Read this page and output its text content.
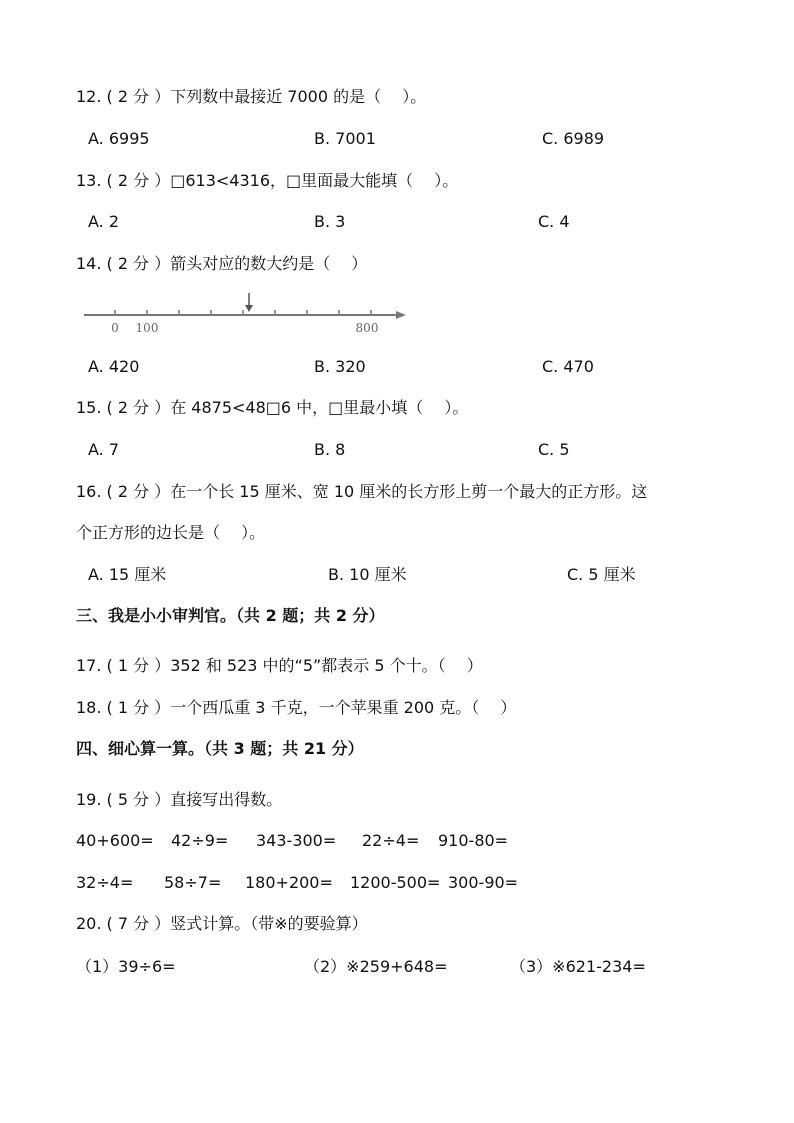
12. ( 2 分 ）下列数中最接近 7000 的是（　 ）。
A. 6995	B. 7001	C. 6989
13. ( 2 分 ）□613<4316，□里面最大能填（　 ）。
A. 2	B. 3	C. 4
14. ( 2 分 ）箭头对应的数大约是（　 ）
0 100	800
A. 420	B. 320	C. 470
15. ( 2 分 ）在 4875<48□6 中，□里最小填（　 ）。
A. 7	B. 8	C. 5
16. ( 2 分 ）在一个长 15 厘米、宽 10 厘米的长方形上剪一个最大的正方形。这
个正方形的边长是（　 ）。
A. 15 厘米	B. 10 厘米	C. 5 厘米
三、我是小小审判官。（共 2 题；共 2 分）
17. ( 1 分 ）352 和 523 中的“5”都表示 5 个十。（　 ）
18. ( 1 分 ）一个西瓜重 3 千克，一个苹果重 200 克。（　 ）
四、细心算一算。（共 3 题；共 21 分）
19. ( 5 分 ）直接写出得数。
40+600= 42÷9= 343-300= 22÷4= 910-80=
32÷4= 58÷7= 180+200= 1200-500= 300-90=
20. ( 7 分 ）竖式计算。（带※的要验算）
（1）39÷6=	（2）※259+648=	（3）※621-234=
